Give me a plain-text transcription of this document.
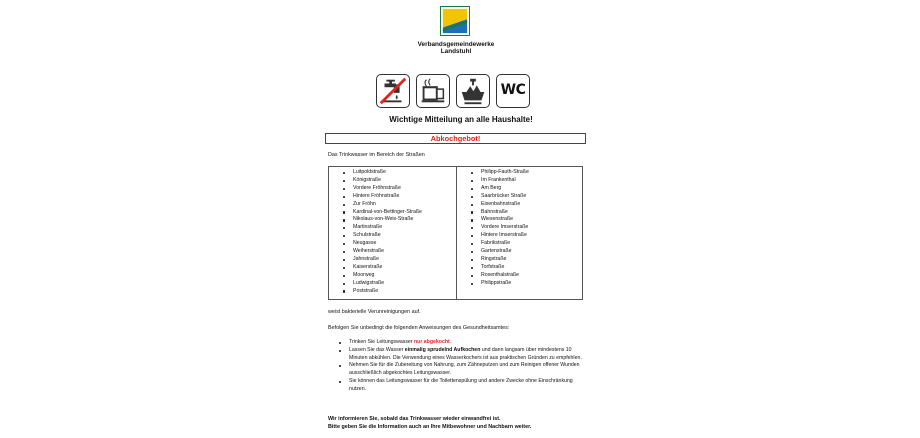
Verbandsgemeindewerke
Landstuhl
WC
Wichtige Mitteilung an alle Haushalte!
Abkochgebot!
Das Trinkwasser im Bereich der Straßen
Luitpoldstraße
Königstraße
Vordere Fröhnstraße
Hintere Fröhnstraße
Zur Fröhn
Kardinal-von-Bettinger-Straße
Nikolaus-von-Weis-Straße
Martinstraße
Schulstraße
Neugasse
Weiherstraße
Jahnstraße
Kaiserstraße
Moorweg
Ludwigstraße
Poststraße
Philipp-Fauth-Straße
Im Frankenthal
Am Berg
Saarbrücker Straße
Eisenbahnstraße
Bahnstraße
Wiesenstraße
Vordere Imserstraße
Hintere Imserstraße
Fabrikstraße
Gartenstraße
Ringstraße
Torfstraße
Rosenthalstraße
Philippstraße
weist bakterielle Verunreinigungen auf.
Befolgen Sie unbedingt die folgenden Anweisungen des Gesundheitsamtes:
Trinken Sie Leitungswasser nur abgekocht.
Lassen Sie das Wasser einmalig sprudelnd Aufkochen und dann langsam über mindestens 10 Minuten abkühlen. Die Verwendung eines Wasserkochers ist aus praktischen Gründen zu empfehlen.
Nehmen Sie für die Zubereitung von Nahrung, zum Zähneputzen und zum Reinigen offener Wunden ausschließlich abgekochtes Leitungswasser.
Sie können das Leitungswasser für die Toilettenspülung und andere Zwecke ohne Einschränkung nutzen.
Wir informieren Sie, sobald das Trinkwasser wieder einwandfrei ist.
Bitte geben Sie die Information auch an Ihre Mitbewohner und Nachbarn weiter.
